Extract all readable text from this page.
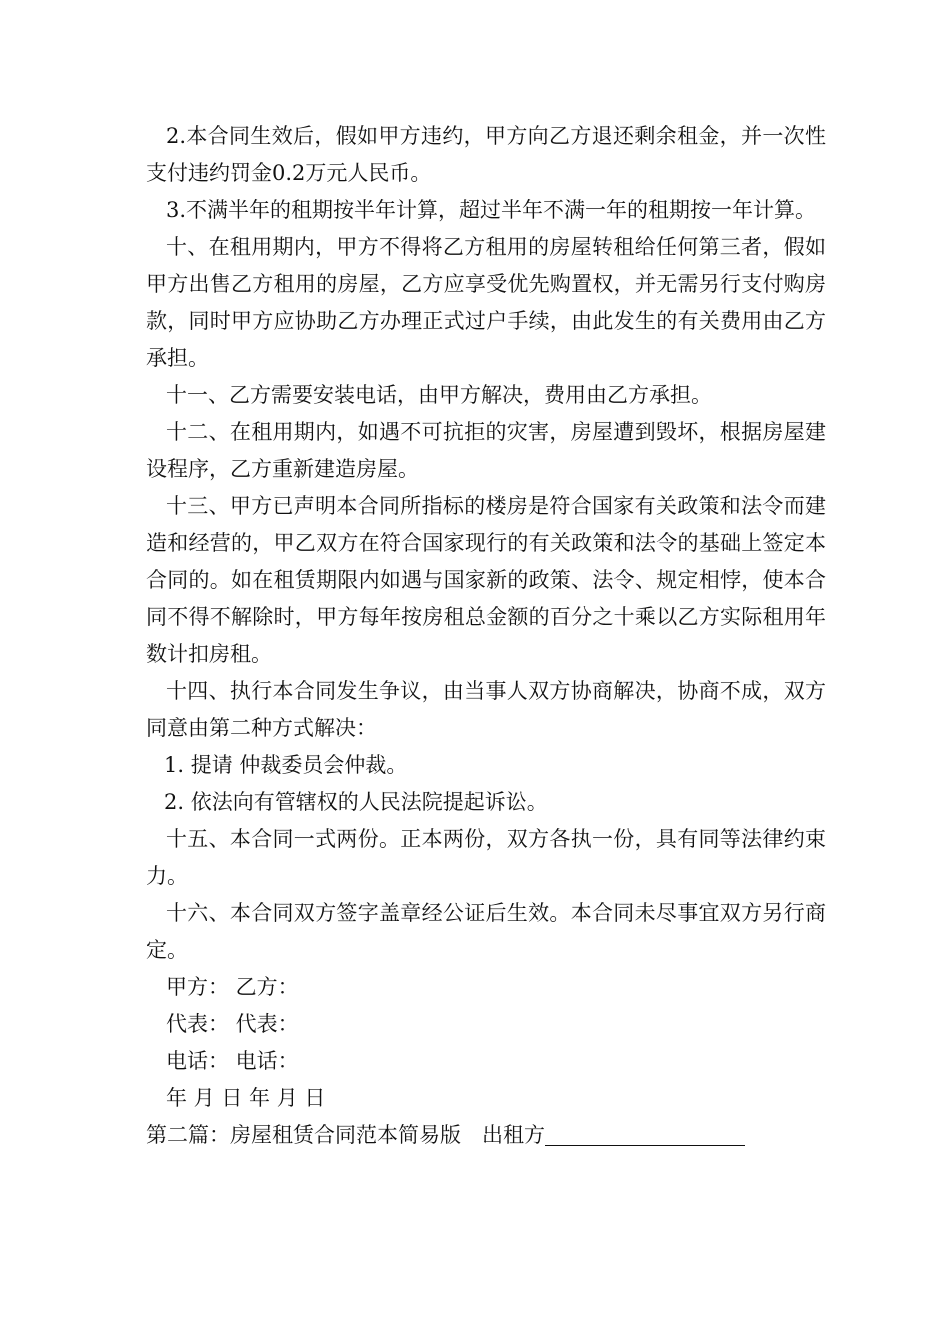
2.本合同生效后，假如甲方违约，甲方向乙方退还剩余租金，并一次性支付违约罚金0.2万元人民币。

3.不满半年的租期按半年计算，超过半年不满一年的租期按一年计算。

十、在租用期内，甲方不得将乙方租用的房屋转租给任何第三者，假如甲方出售乙方租用的房屋，乙方应享受优先购置权，并无需另行支付购房款，同时甲方应协助乙方办理正式过户手续，由此发生的有关费用由乙方承担。

十一、乙方需要安装电话，由甲方解决，费用由乙方承担。

十二、在租用期内，如遇不可抗拒的灾害，房屋遭到毁坏，根据房屋建设程序，乙方重新建造房屋。

十三、甲方已声明本合同所指标的楼房是符合国家有关政策和法令而建造和经营的，甲乙双方在符合国家现行的有关政策和法令的基础上签定本合同的。如在租赁期限内如遇与国家新的政策、法令、规定相悖，使本合同不得不解除时，甲方每年按房租总金额的百分之十乘以乙方实际租用年数计扣房租。

十四、执行本合同发生争议，由当事人双方协商解决，协商不成，双方同意由第二种方式解决：

1. 提请 仲裁委员会仲裁。

2. 依法向有管辖权的人民法院提起诉讼。

十五、本合同一式两份。正本两份，双方各执一份，具有同等法律约束力。

十六、本合同双方签字盖章经公证后生效。本合同未尽事宜双方另行商定。

甲方： 乙方：

代表： 代表：

电话： 电话：

年 月 日 年 月 日

第二篇：房屋租赁合同范本简易版　出租方
